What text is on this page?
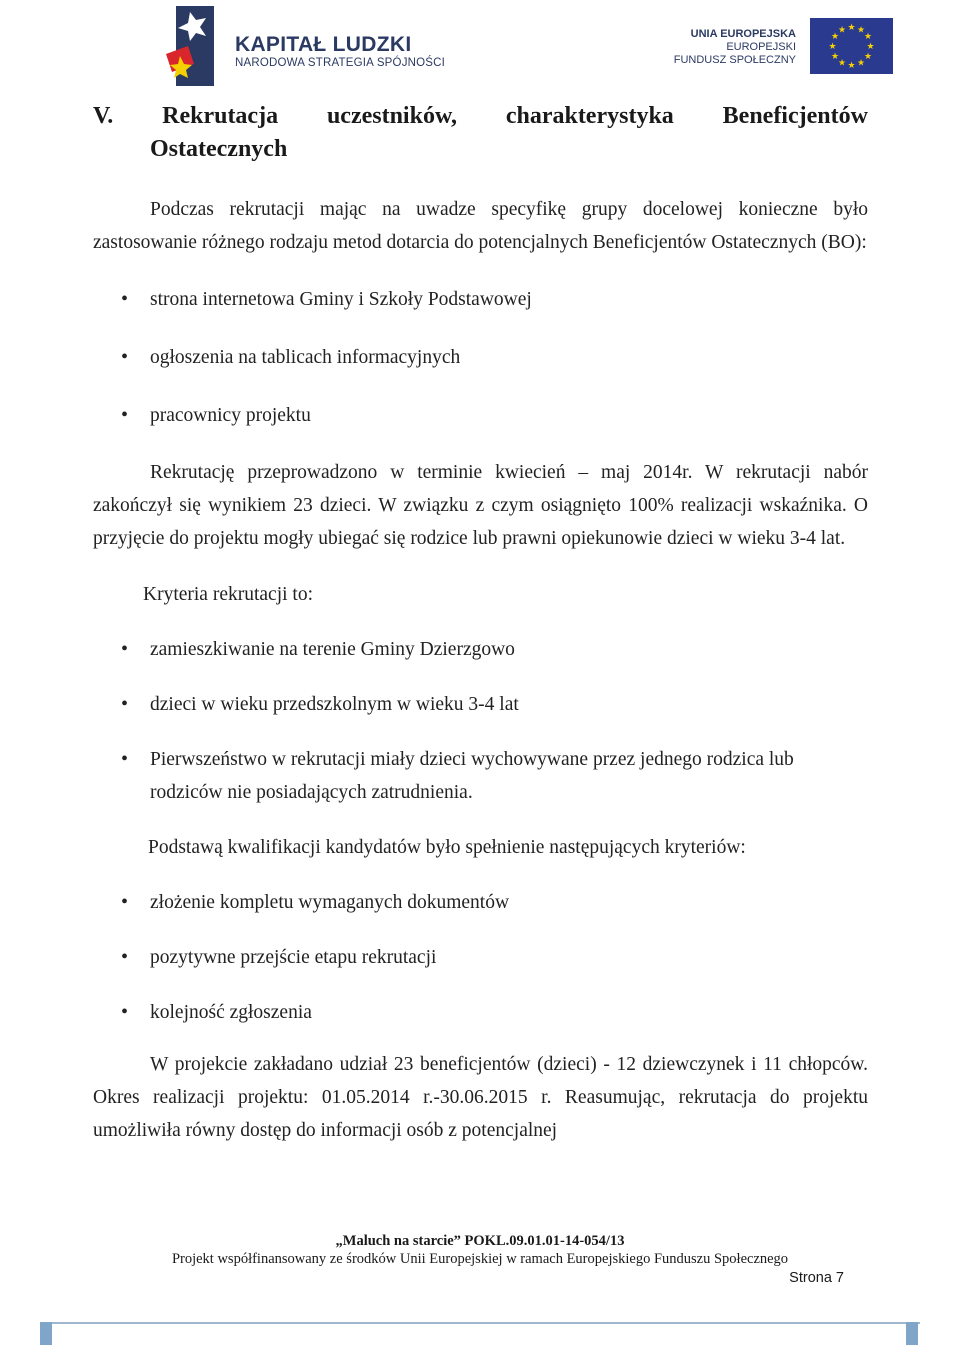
KAPITAŁ LUDZKI
NARODOWA STRATEGIA SPÓJNOŚCI
UNIA EUROPEJSKA
EUROPEJSKI
FUNDUSZ SPOŁECZNY
★ ★
★
★
★
★
★
★
★
★
★
★
V. Rekrutacja uczestników, charakterystyka Beneficjentów
Ostatecznych

Podczas rekrutacji mając na uwadze specyfikę grupy docelowej konieczne było zastosowanie różnego rodzaju metod dotarcia do potencjalnych Beneficjentów Ostatecznych (BO):

• strona internetowa Gminy i Szkoły Podstawowej
• ogłoszenia na tablicach informacyjnych
• pracownicy projektu

Rekrutację przeprowadzono w terminie kwiecień – maj 2014r. W rekrutacji nabór zakończył się wynikiem 23 dzieci. W związku z czym osiągnięto 100% realizacji wskaźnika. O przyjęcie do projektu mogły ubiegać się rodzice lub prawni opiekunowie dzieci w wieku 3-4 lat.

Kryteria rekrutacji to:

• zamieszkiwanie na terenie Gminy Dzierzgowo
• dzieci w wieku przedszkolnym w wieku 3-4 lat
• Pierwszeństwo w rekrutacji miały dzieci wychowywane przez jednego rodzica lub rodziców nie posiadających zatrudnienia.

Podstawą kwalifikacji kandydatów było spełnienie następujących kryteriów:

• złożenie kompletu wymaganych dokumentów
• pozytywne przejście etapu rekrutacji
• kolejność zgłoszenia

W projekcie zakładano udział 23 beneficjentów (dzieci) - 12 dziewczynek i 11 chłopców. Okres realizacji projektu: 01.05.2014 r.-30.06.2015 r. Reasumując, rekrutacja do projektu umożliwiła równy dostęp do informacji osób z potencjalnej

„Maluch na starcie” POKL.09.01.01-14-054/13
Projekt współfinansowany ze środków Unii Europejskiej w ramach Europejskiego Funduszu Społecznego
Strona 7
